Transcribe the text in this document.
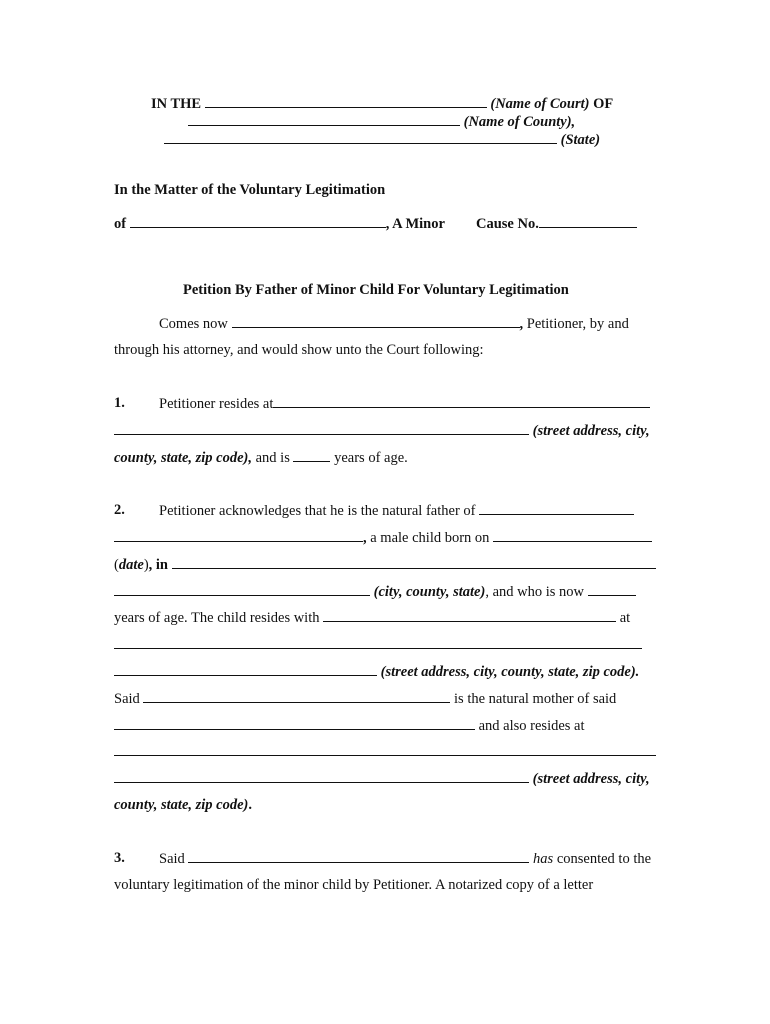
IN THE	(Name of Court) OF
(Name of County),
(State)
In the Matter of the Voluntary Legitimation
of	, A Minor Cause No.
Petition By Father of Minor Child For Voluntary Legitimation
Comes now	, Petitioner, by and
through his attorney, and would show unto the Court following:
1. Petitioner resides at
(street address, city,
county, state, zip code), and is	years of age.
2. Petitioner acknowledges that he is the natural father of
, a male child born on
(date), in
(city, county, state), and who is now
years of age. The child resides with	at
(street address, city, county, state, zip code).
Said	is the natural mother of said
and also resides at
(street address, city,
county, state, zip code).
3. Said	has consented to the
voluntary legitimation of the minor child by Petitioner. A notarized copy of a letter
